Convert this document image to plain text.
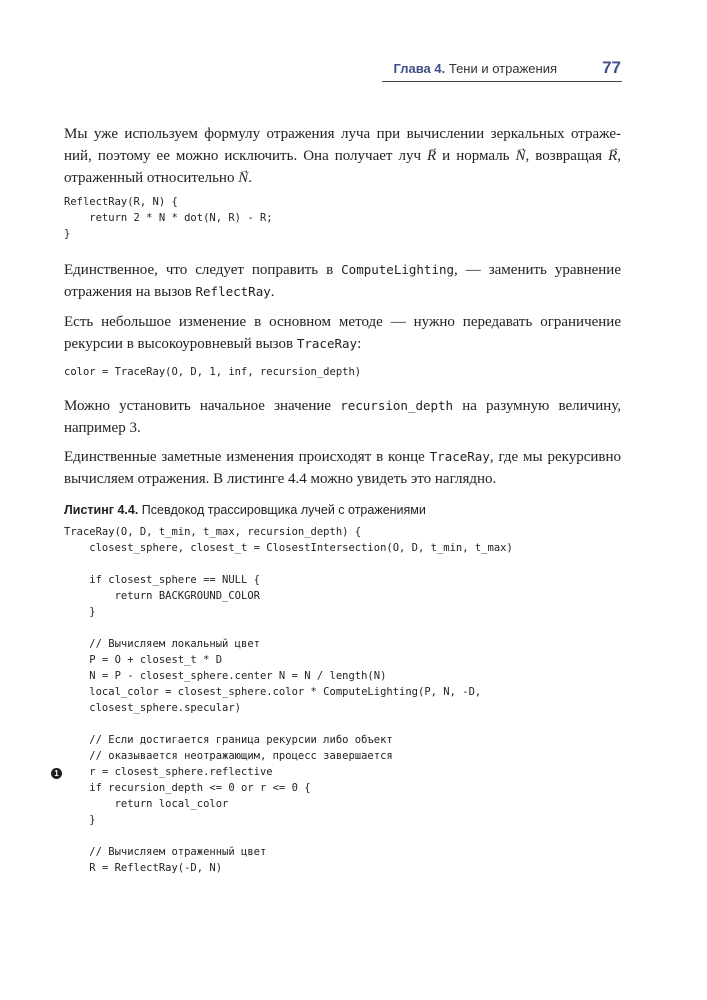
Глава 4. Тени и отражения	77
Мы уже используем формулу отражения луча при вычислении зеркальных отраже-ний, поэтому ее можно исключить. Она получает луч → R и нормаль → N, возвращая → R, отраженный относительно → N.
ReflectRay(R, N) {
return 2 * N * dot(N, R) - R;
}
Единственное, что следует поправить в ComputeLighting, — заменить уравнение отражения на вызов ReflectRay.
Есть небольшое изменение в основном методе — нужно передавать ограничение рекурсии в высокоуровневый вызов TraceRay:
color = TraceRay(O, D, 1, inf, recursion_depth)
Можно установить начальное значение recursion_depth на разумную величину, например 3.
Единственные заметные изменения происходят в конце TraceRay, где мы рекурсивно вычисляем отражения. В листинге 4.4 можно увидеть это наглядно.
Листинг 4.4. Псевдокод трассировщика лучей с отражениями
TraceRay(O, D, t_min, t_max, recursion_depth) {
closest_sphere, closest_t = ClosestIntersection(O, D, t_min, t_max)
if closest_sphere == NULL {
return BACKGROUND_COLOR
}
// Вычисляем локальный цвет
P = O + closest_t * D
N = P - closest_sphere.center N = N / length(N)
local_color = closest_sphere.color * ComputeLighting(P, N, -D,
closest_sphere.specular)
// Если достигается граница рекурсии либо объект
// оказывается неотражающим, процесс завершается
r = closest_sphere.reflective
if recursion_depth <= 0 or r <= 0 {
return local_color
}
// Вычисляем отраженный цвет
R = ReflectRay(-D, N)
1
